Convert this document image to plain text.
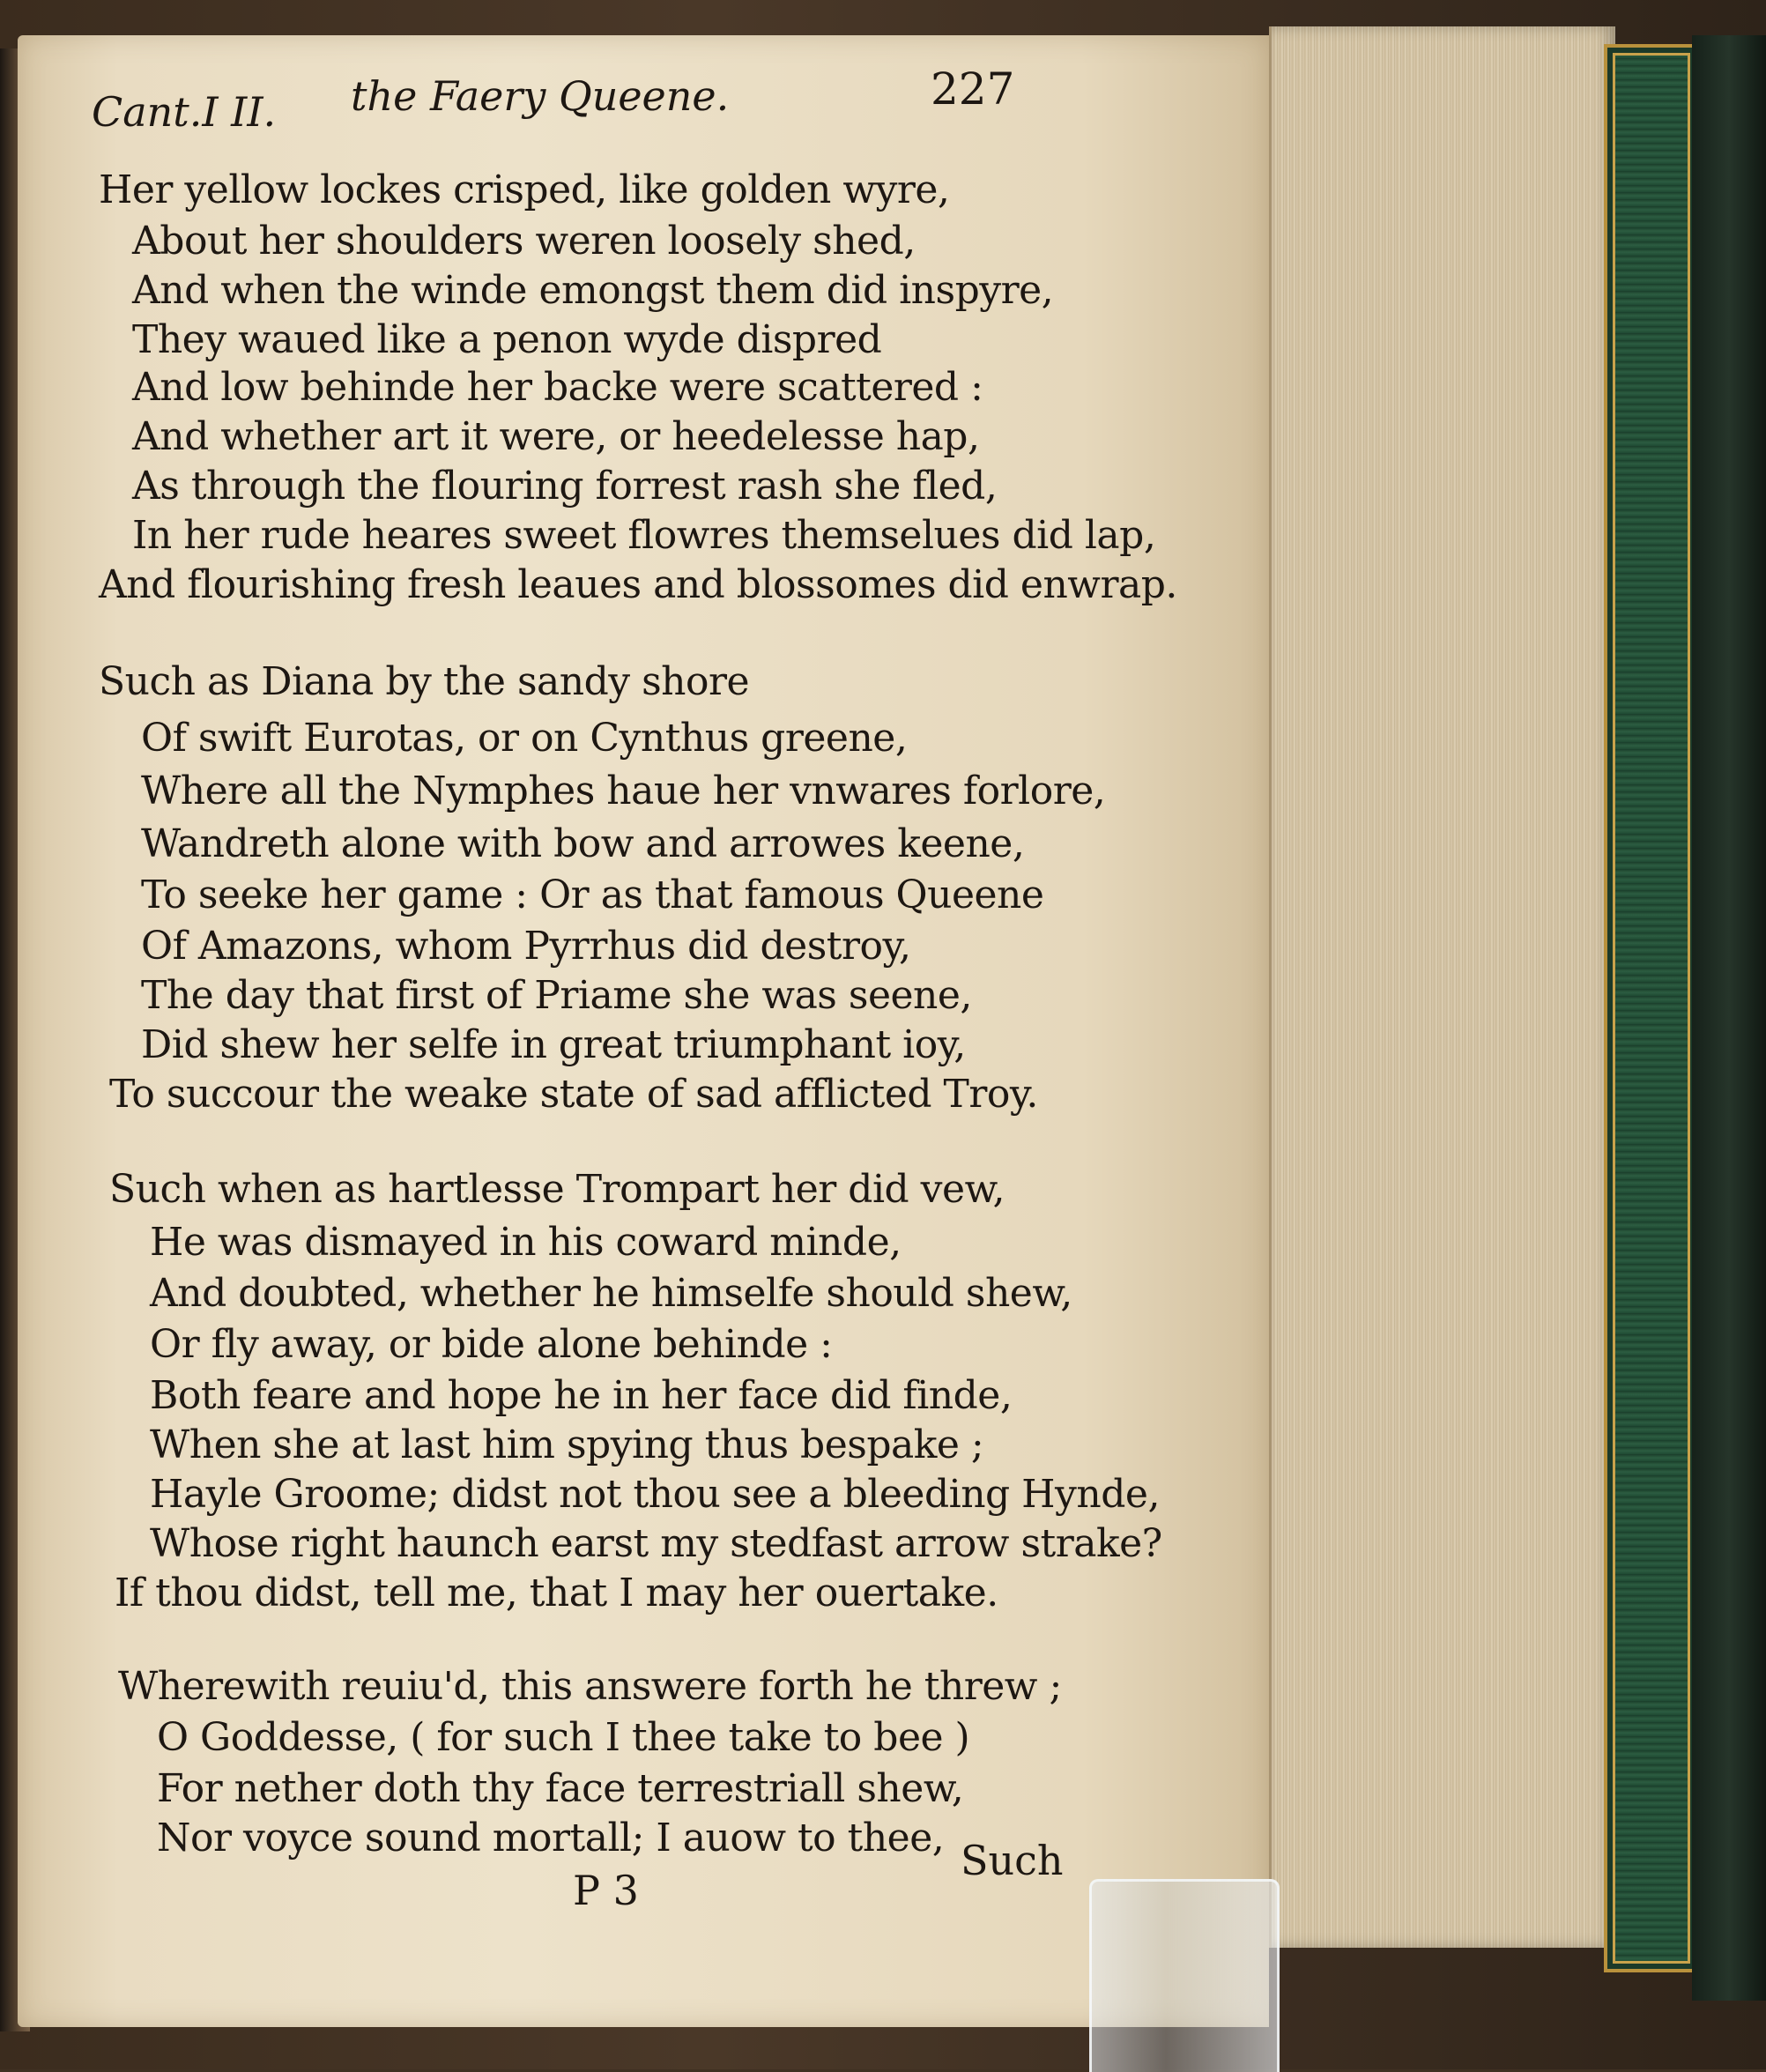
Cant.I II. the Faery Queene.	227
Her yellow lockes crisped, like golden wyre,
About her shoulders weren loosely shed,
And when the winde emongst them did inspyre,
They waued like a penon wyde dispred
And low behinde her backe were scattered :
And whether art it were, or heedelesse hap,
As through the flouring forrest rash she fled,
In her rude heares sweet flowres themselues did lap,
And flourishing fresh leaues and blossomes did enwrap.
Such as Diana by the sandy shore
Of swift Eurotas, or on Cynthus greene,
Where all the Nymphes haue her vnwares forlore,
Wandreth alone with bow and arrowes keene,
To seeke her game : Or as that famous Queene
Of Amazons, whom Pyrrhus did destroy,
The day that first of Priame she was seene,
Did shew her selfe in great triumphant ioy,
To succour the weake state of sad afflicted Troy.
Such when as hartlesse Trompart her did vew,
He was dismayed in his coward minde,
And doubted, whether he himselfe should shew,
Or fly away, or bide alone behinde :
Both feare and hope he in her face did finde,
When she at last him spying thus bespake ;
Hayle Groome; didst not thou see a bleeding Hynde,
Whose right haunch earst my stedfast arrow strake?
If thou didst, tell me, that I may her ouertake.
Wherewith reuiu'd, this answere forth he threw ;
O Goddesse, ( for such I thee take to bee )
For nether doth thy face terrestriall shew,
Nor voyce sound mortall; I auow to thee,
P 3
Such
